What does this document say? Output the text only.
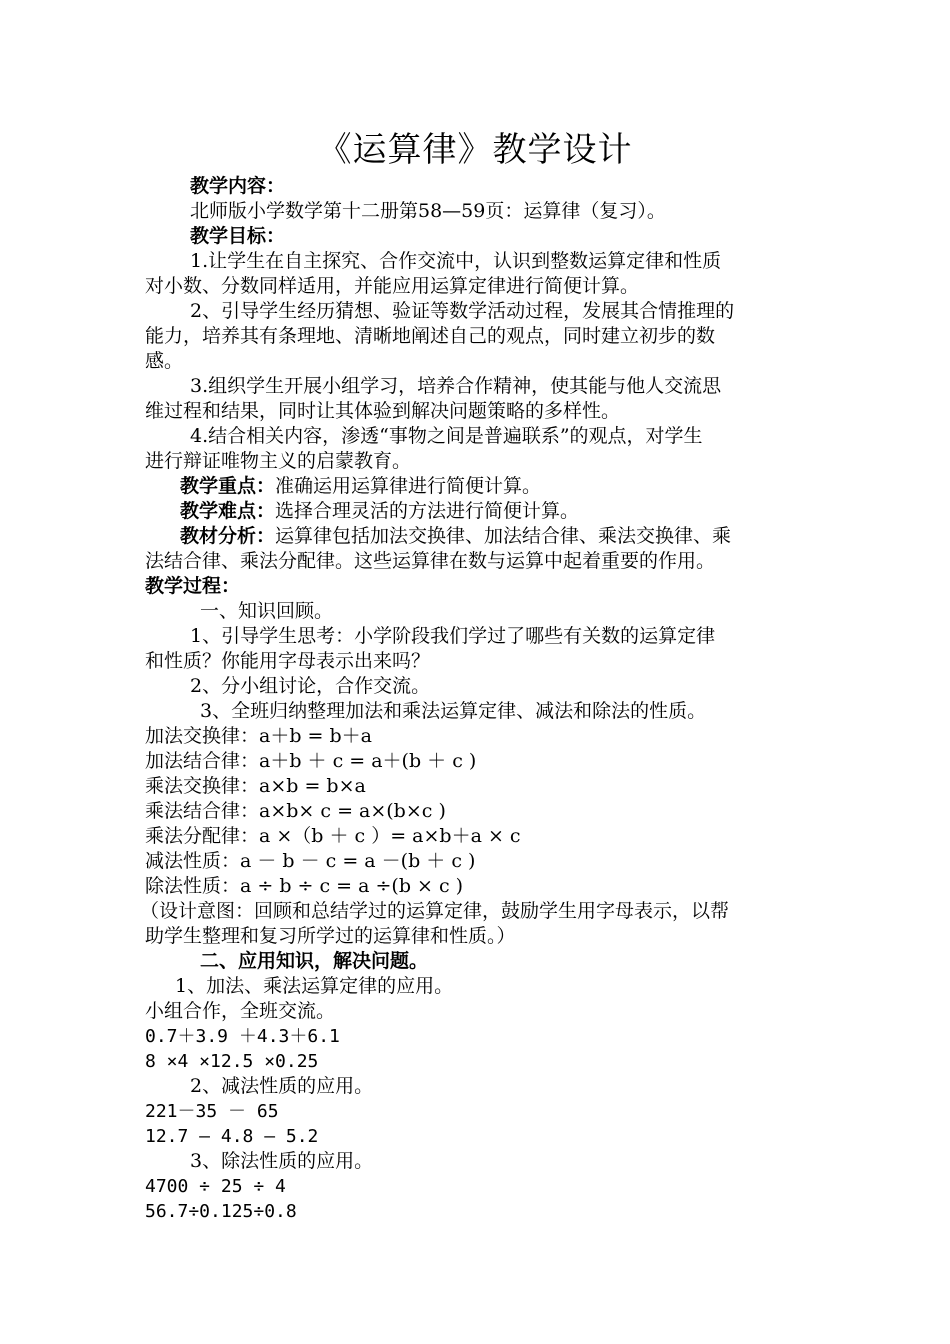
《运算律》教学设计
教学内容：
北师版小学数学第十二册第58—59页：运算律（复习）。
教学目标：
1.让学生在自主探究、合作交流中，认识到整数运算定律和性质
对小数、分数同样适用，并能应用运算定律进行简便计算。
2、引导学生经历猜想、验证等数学活动过程，发展其合情推理的
能力，培养其有条理地、清晰地阐述自己的观点，同时建立初步的数
感。
3.组织学生开展小组学习，培养合作精神，使其能与他人交流思
维过程和结果，同时让其体验到解决问题策略的多样性。
4.结合相关内容，渗透“事物之间是普遍联系”的观点，对学生
进行辩证唯物主义的启蒙教育。
教学重点：准确运用运算律进行简便计算。
教学难点：选择合理灵活的方法进行简便计算。
教材分析：运算律包括加法交换律、加法结合律、乘法交换律、乘
法结合律、乘法分配律。这些运算律在数与运算中起着重要的作用。
教学过程：
一、知识回顾。
1、引导学生思考：小学阶段我们学过了哪些有关数的运算定律
和性质？你能用字母表示出来吗？
2、分小组讨论，合作交流。
3、全班归纳整理加法和乘法运算定律、减法和除法的性质。
加法交换律：a＋b = b＋a
加法结合律：a＋b ＋ c = a＋(b ＋ c )
乘法交换律：a×b = b×a
乘法结合律：a×b× c = a×(b×c )
乘法分配律：a ×（b ＋ c ）= a×b＋a × c
减法性质：a － b － c = a －(b ＋ c )
除法性质：a ÷ b ÷ c = a ÷(b × c )
（设计意图：回顾和总结学过的运算定律，鼓励学生用字母表示，以帮
助学生整理和复习所学过的运算律和性质。）
二、应用知识，解决问题。
1、加法、乘法运算定律的应用。
小组合作，全班交流。
0.7＋3.9 ＋4.3＋6.1
8 ×4 ×12.5 ×0.25
2、减法性质的应用。
221－35 － 65
12.7 – 4.8 – 5.2
3、除法性质的应用。
4700 ÷ 25 ÷ 4
56.7÷0.125÷0.8
